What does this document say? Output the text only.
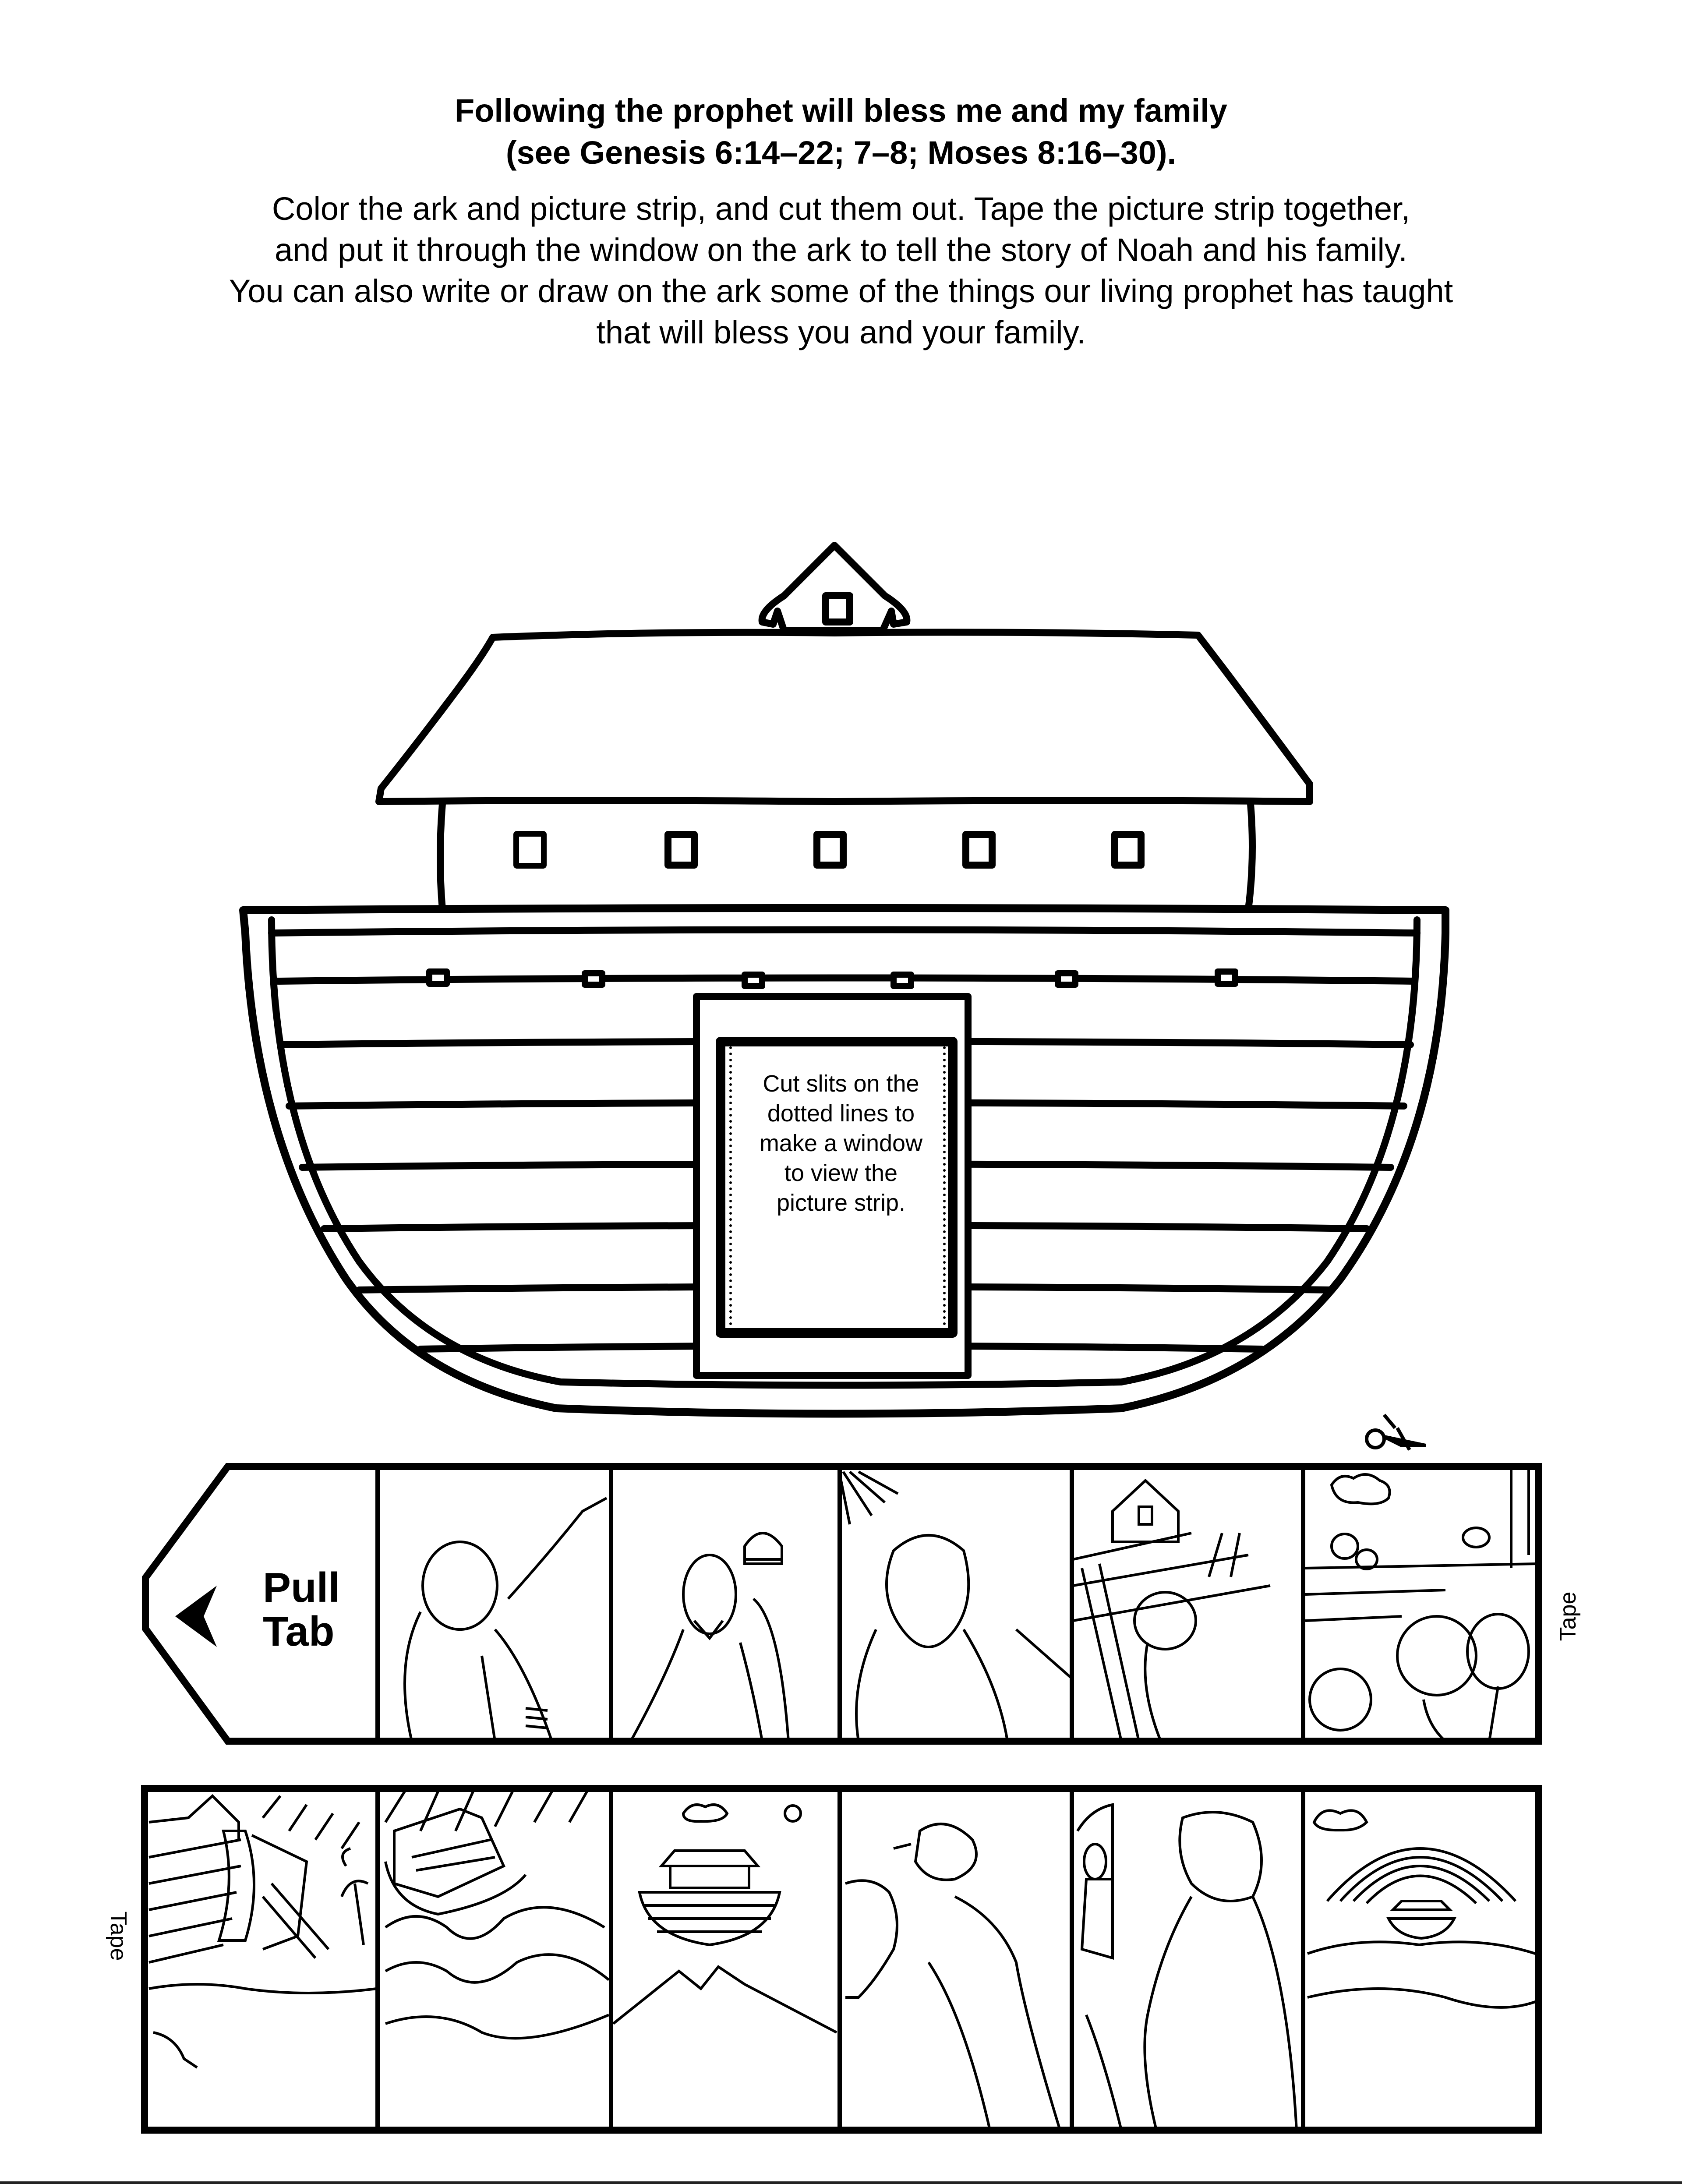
Following the prophet will bless me and my family
(see Genesis 6:14–22; 7–8; Moses 8:16–30).
Color the ark and picture strip, and cut them out. Tape the picture strip together,
and put it through the window on the ark to tell the story of Noah and his family.
You can also write or draw on the ark some of the things our living prophet has taught
that will bless you and your family.
Cut slits on the
dotted lines to
make a window
to view the
picture strip.
Pull
Tab	Tape
Tape
